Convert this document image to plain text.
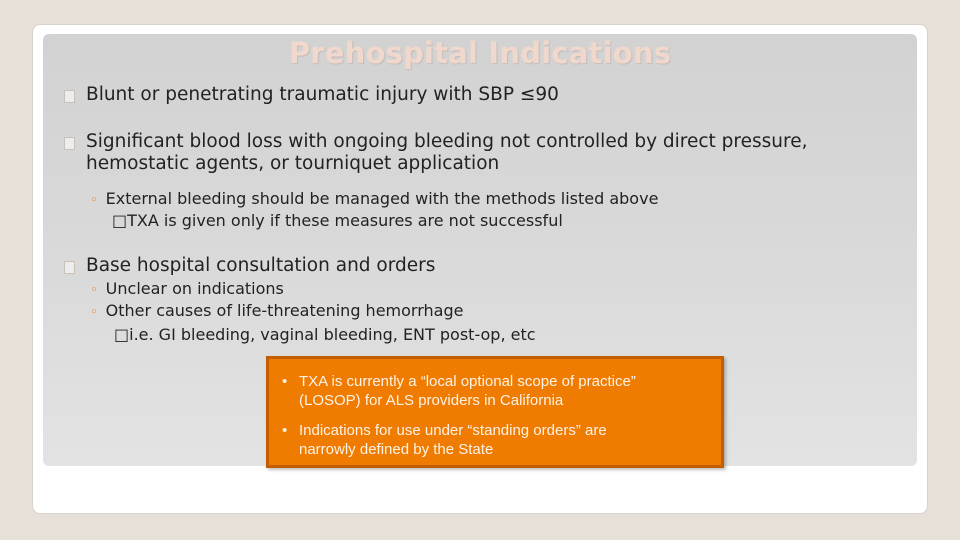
Prehospital Indications
Blunt or penetrating traumatic injury with SBP ≤90
Significant blood loss with ongoing bleeding not controlled by direct pressure,
hemostatic agents, or tourniquet application
◦ External bleeding should be managed with the methods listed above
□TXA is given only if these measures are not successful
Base hospital consultation and orders
◦ Unclear on indications
◦ Other causes of life-threatening hemorrhage
□i.e. GI bleeding, vaginal bleeding, ENT post-op, etc
• TXA is currently a “local optional scope of practice”
(LOSOP) for ALS providers in California
• Indications for use under “standing orders” are
narrowly defined by the State
